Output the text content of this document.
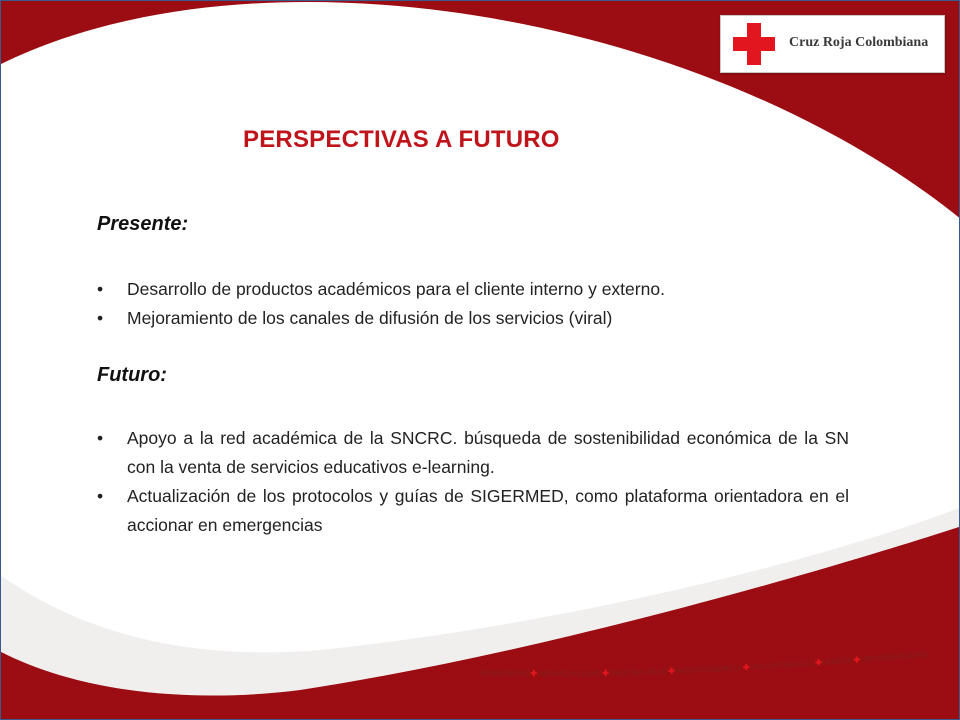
Cruz Roja Colombiana
PERSPECTIVAS A FUTURO
Presente:
• Desarrollo de productos académicos para el cliente interno y externo.
• Mejoramiento de los canales de difusión de los servicios (viral)
Futuro:
• Apoyo a la red académica de la SNCRC. búsqueda de sostenibilidad económica de la SN con la venta de servicios educativos e-learning.
• Actualización de los protocolos y guías de SIGERMED, como plataforma orientadora en el accionar en emergencias
HUMANIDAD✚IMPARCIALIDAD✚NEUTRALIDAD✚INDEPENDENCIA✚VOLUNTARIADO✚UNIDAD✚UNIVERSALIDAD
